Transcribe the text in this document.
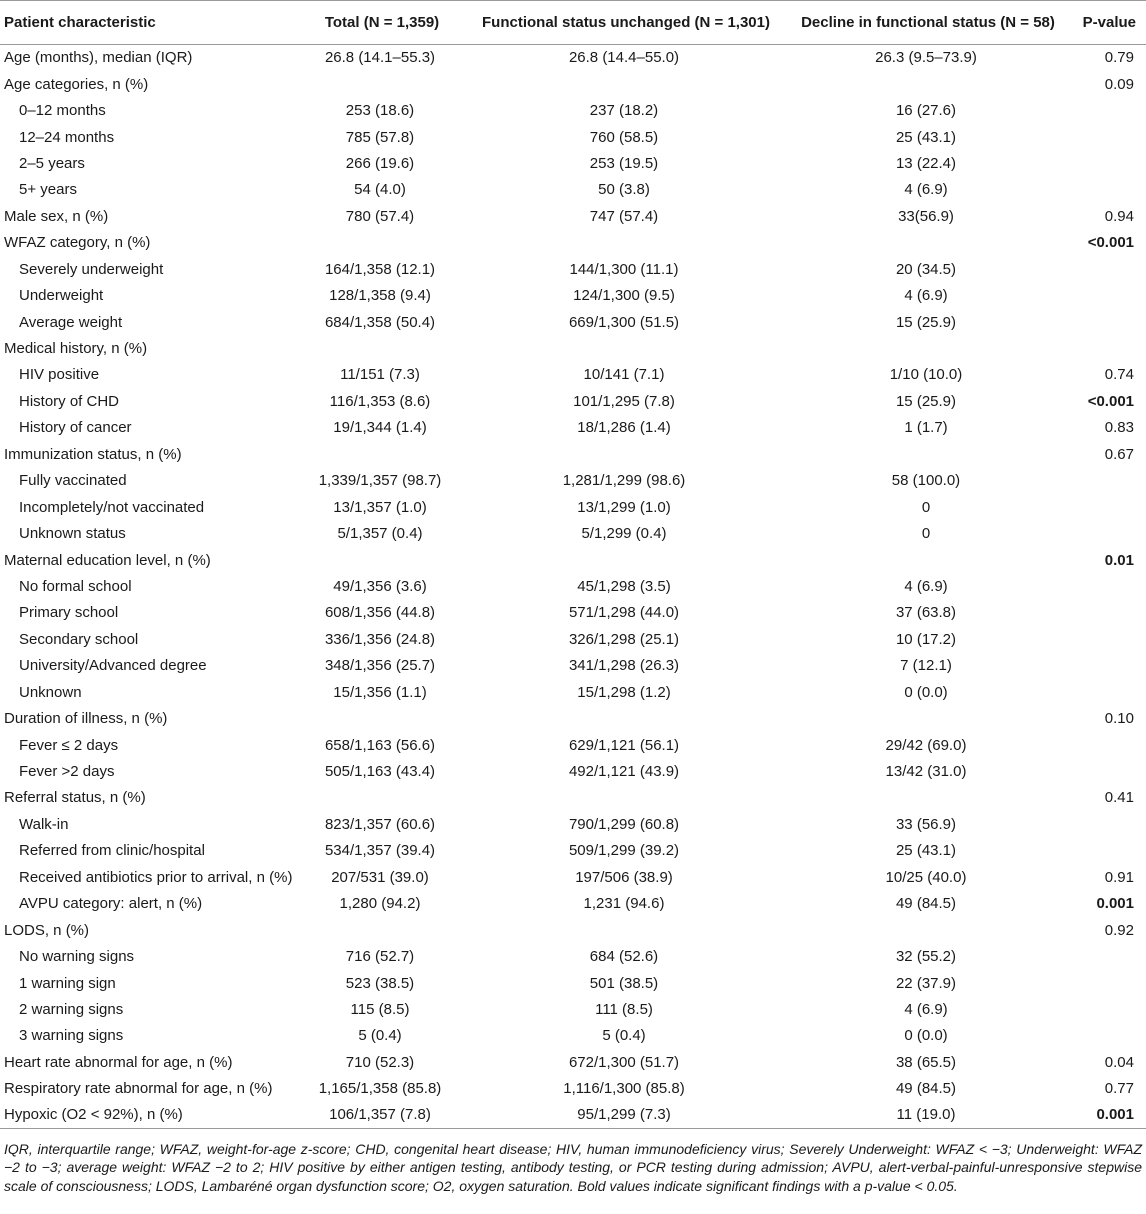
Patient characteristic	Total (N = 1,359)	Functional status unchanged (N = 1,301)	Decline in functional status (N = 58)	P-value
Age (months), median (IQR)	26.8 (14.1–55.3)	26.8 (14.4–55.0)	26.3 (9.5–73.9)	0.79
Age categories, n (%)				0.09
0–12 months	253 (18.6)	237 (18.2)	16 (27.6)	
12–24 months	785 (57.8)	760 (58.5)	25 (43.1)	
2–5 years	266 (19.6)	253 (19.5)	13 (22.4)	
5+ years	54 (4.0)	50 (3.8)	4 (6.9)	
Male sex, n (%)	780 (57.4)	747 (57.4)	33(56.9)	0.94
WFAZ category, n (%)				<0.001
Severely underweight	164/1,358 (12.1)	144/1,300 (11.1)	20 (34.5)	
Underweight	128/1,358 (9.4)	124/1,300 (9.5)	4 (6.9)	
Average weight	684/1,358 (50.4)	669/1,300 (51.5)	15 (25.9)	
Medical history, n (%)				
HIV positive	11/151 (7.3)	10/141 (7.1)	1/10 (10.0)	0.74
History of CHD	116/1,353 (8.6)	101/1,295 (7.8)	15 (25.9)	<0.001
History of cancer	19/1,344 (1.4)	18/1,286 (1.4)	1 (1.7)	0.83
Immunization status, n (%)				0.67
Fully vaccinated	1,339/1,357 (98.7)	1,281/1,299 (98.6)	58 (100.0)	
Incompletely/not vaccinated	13/1,357 (1.0)	13/1,299 (1.0)	0	
Unknown status	5/1,357 (0.4)	5/1,299 (0.4)	0	
Maternal education level, n (%)				0.01
No formal school	49/1,356 (3.6)	45/1,298 (3.5)	4 (6.9)	
Primary school	608/1,356 (44.8)	571/1,298 (44.0)	37 (63.8)	
Secondary school	336/1,356 (24.8)	326/1,298 (25.1)	10 (17.2)	
University/Advanced degree	348/1,356 (25.7)	341/1,298 (26.3)	7 (12.1)	
Unknown	15/1,356 (1.1)	15/1,298 (1.2)	0 (0.0)	
Duration of illness, n (%)				0.10
Fever ≤ 2 days	658/1,163 (56.6)	629/1,121 (56.1)	29/42 (69.0)	
Fever >2 days	505/1,163 (43.4)	492/1,121 (43.9)	13/42 (31.0)	
Referral status, n (%)				0.41
Walk-in	823/1,357 (60.6)	790/1,299 (60.8)	33 (56.9)	
Referred from clinic/hospital	534/1,357 (39.4)	509/1,299 (39.2)	25 (43.1)	
Received antibiotics prior to arrival, n (%)	207/531 (39.0)	197/506 (38.9)	10/25 (40.0)	0.91
AVPU category: alert, n (%)	1,280 (94.2)	1,231 (94.6)	49 (84.5)	0.001
LODS, n (%)				0.92
No warning signs	716 (52.7)	684 (52.6)	32 (55.2)	
1 warning sign	523 (38.5)	501 (38.5)	22 (37.9)	
2 warning signs	115 (8.5)	111 (8.5)	4 (6.9)	
3 warning signs	5 (0.4)	5 (0.4)	0 (0.0)	
Heart rate abnormal for age, n (%)	710 (52.3)	672/1,300 (51.7)	38 (65.5)	0.04
Respiratory rate abnormal for age, n (%)	1,165/1,358 (85.8)	1,116/1,300 (85.8)	49 (84.5)	0.77
Hypoxic (O2 < 92%), n (%)	106/1,357 (7.8)	95/1,299 (7.3)	11 (19.0)	0.001
IQR, interquartile range; WFAZ, weight-for-age z-score; CHD, congenital heart disease; HIV, human immunodeficiency virus; Severely Underweight: WFAZ < −3; Underweight: WFAZ −2 to −3; average weight: WFAZ −2 to 2; HIV positive by either antigen testing, antibody testing, or PCR testing during admission; AVPU, alert-verbal-painful-unresponsive stepwise scale of consciousness; LODS, Lambaréné organ dysfunction score; O2, oxygen saturation. Bold values indicate significant findings with a p-value < 0.05.
